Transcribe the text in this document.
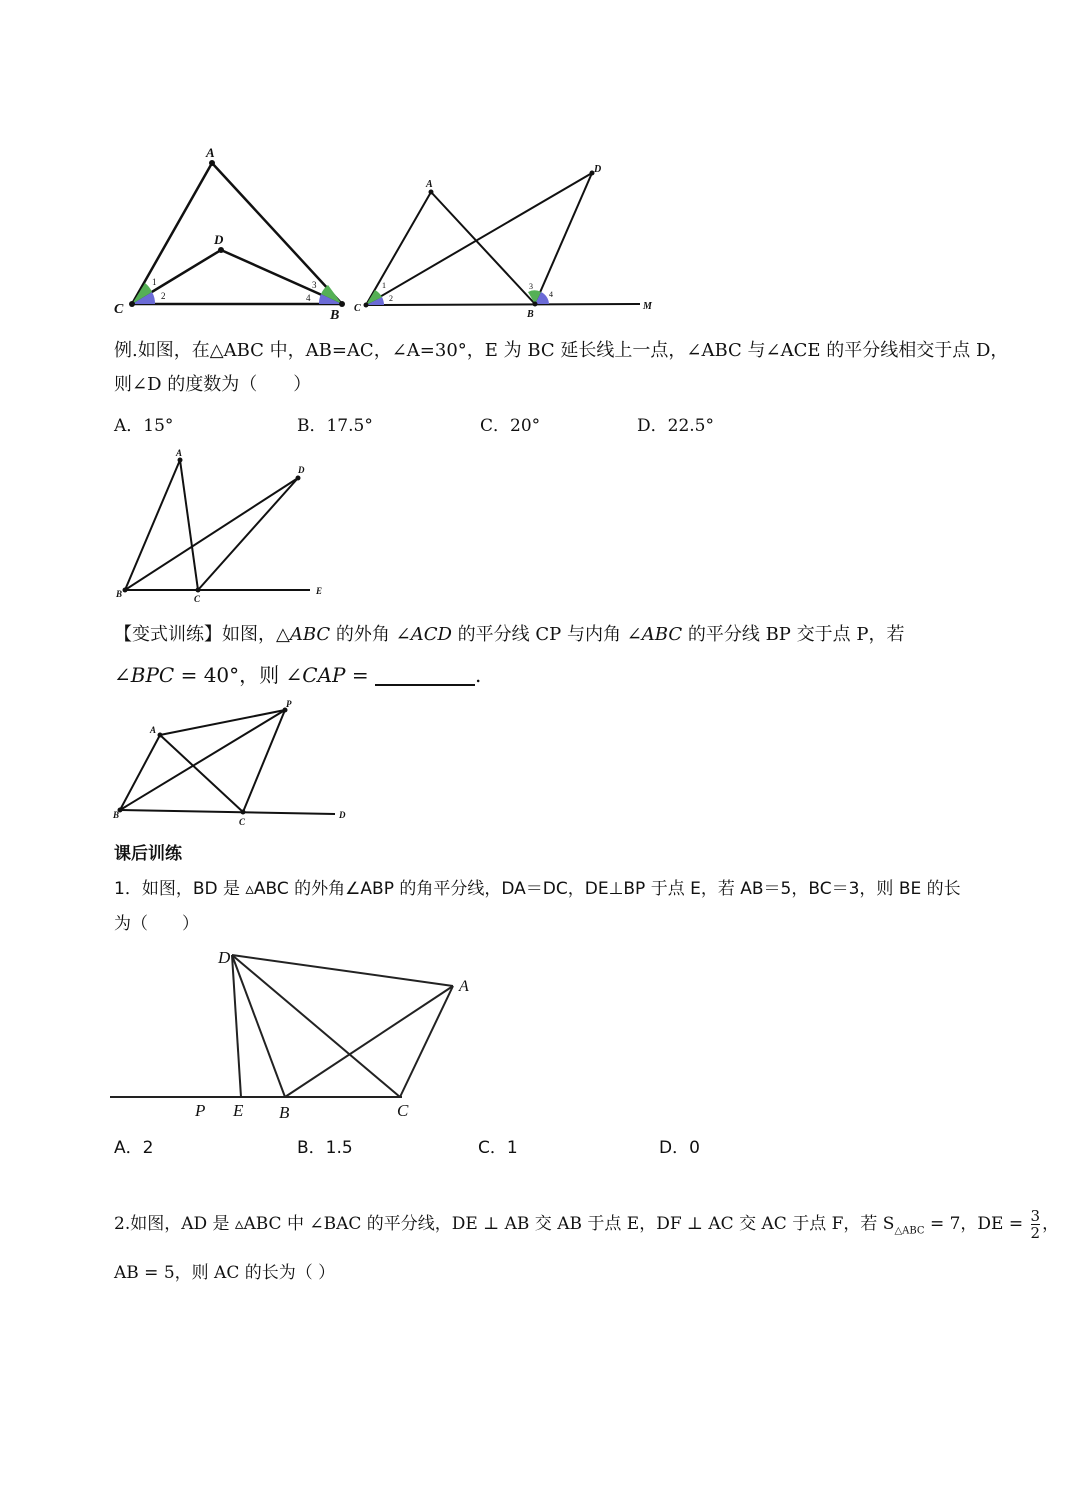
A
D
C	B
1
2
3
4
A
D
C
B
M
1
2
3
4
例.如图，在△ABC 中，AB=AC，∠A=30°，E 为 BC 延长线上一点，∠ABC 与∠ACE 的平分线相交于点 D，
则∠D 的度数为（　　）
A．15°	B．17.5°	C．20°	D．22.5°
A
D
B	C
E
【变式训练】如图，△ABC 的外角 ∠ACD 的平分线 CP 与内角 ∠ABC 的平分线 BP 交于点 P，若
∠BPC = 40°，则 ∠CAP =	.
A
P
B
C
D
课后训练
1．如图，BD 是 ▵ABC 的外角∠ABP 的角平分线，DA＝DC，DE⊥BP 于点 E，若 AB＝5，BC＝3，则 BE 的长
为（　　）
D
A
P E B	C
A．2	B．1.5	C．1	D．0
2.如图，AD 是 ▵ABC 中 ∠BAC 的平分线，DE ⊥ AB 交 AB 于点 E，DF ⊥ AC 交 AC 于点 F，若 $S_{\triangle ABC} = 7$，DE = $\frac{3}{2}$ ，
AB = 5，则 AC 的长为（ ）
